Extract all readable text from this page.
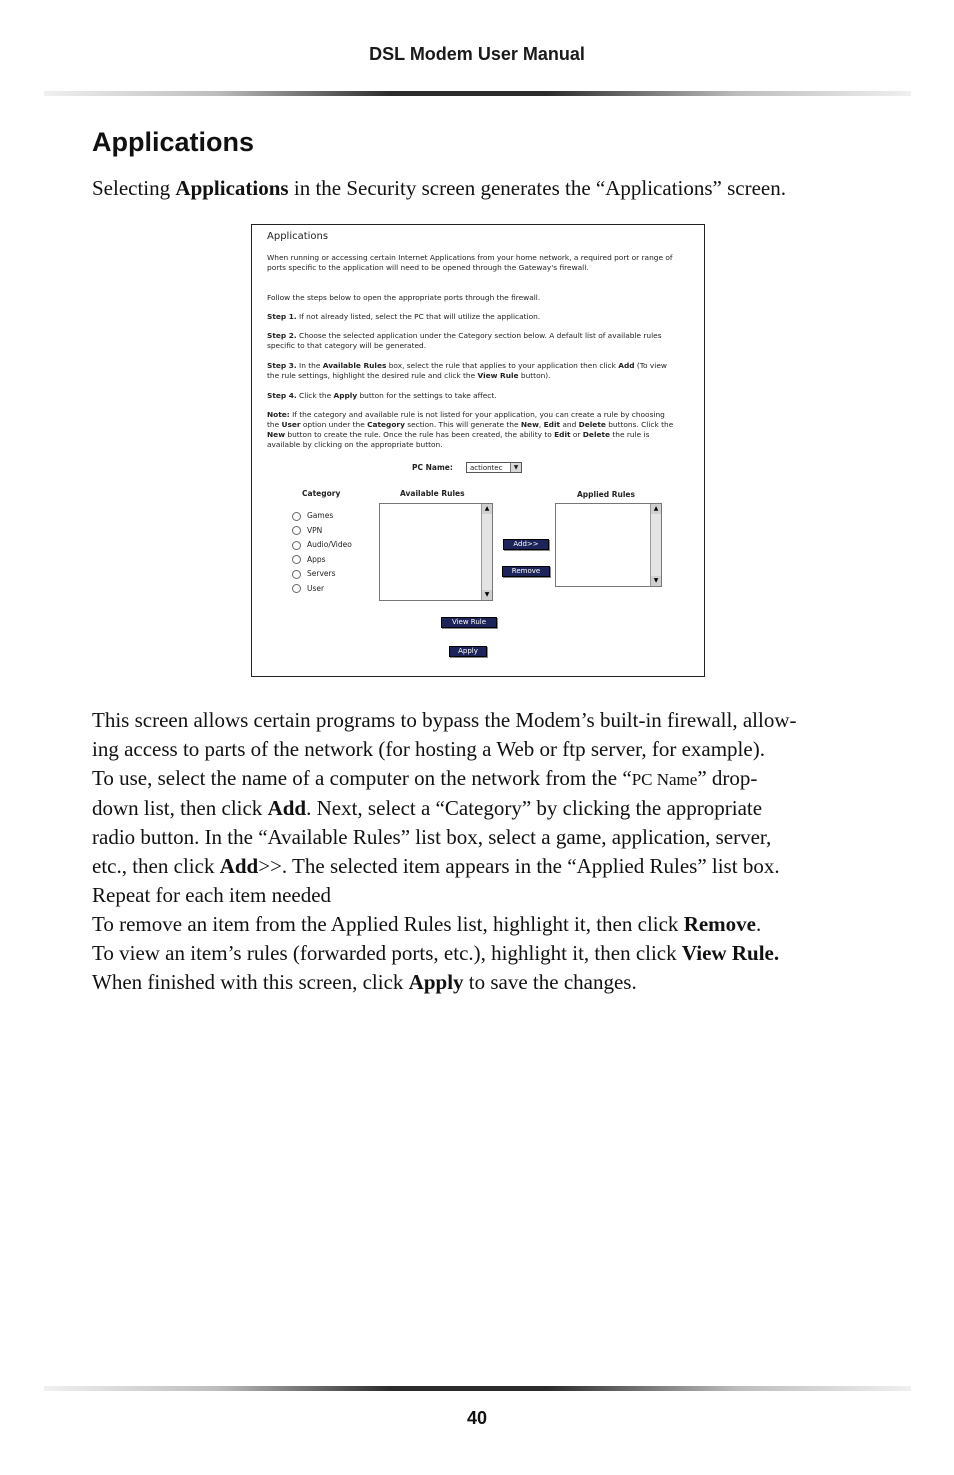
DSL Modem User Manual
Applications

Selecting Applications in the Security screen generates the “Applications” screen.

Applications
When running or accessing certain Internet Applications from your home network, a required port or range of ports specific to the application will need to be opened through the Gateway's firewall.
Follow the steps below to open the appropriate ports through the firewall.
Step 1. If not already listed, select the PC that will utilize the application.
Step 2. Choose the selected application under the Category section below. A default list of available rules specific to that category will be generated.
Step 3. In the Available Rules box, select the rule that applies to your application then click Add (To view the rule settings, highlight the desired rule and click the View Rule button).
Step 4. Click the Apply button for the settings to take affect.
Note: If the category and available rule is not listed for your application, you can create a rule by choosing the User option under the Category section. This will generate the New, Edit and Delete buttons. Click the New button to create the rule. Once the rule has been created, the ability to Edit or Delete the rule is available by clicking on the appropriate button.
PC Name: actiontec	▼
Category	Available Rules	Applied Rules
Games
VPN
Audio/Video
Apps
Servers
User
▲
▼
Add>>
Remove
▲
▼
View Rule
Apply
This screen allows certain programs to bypass the Modem’s built-in firewall, allow-
ing access to parts of the network (for hosting a Web or ftp server, for example).
To use, select the name of a computer on the network from the “PC Name” drop-
down list, then click Add. Next, select a “Category” by clicking the appropriate
radio button. In the “Available Rules” list box, select a game, application, server,
etc., then click Add>>. The selected item appears in the “Applied Rules” list box.
Repeat for each item needed
To remove an item from the Applied Rules list, highlight it, then click Remove.
To view an item’s rules (forwarded ports, etc.), highlight it, then click View Rule.
When finished with this screen, click Apply to save the changes.
40
